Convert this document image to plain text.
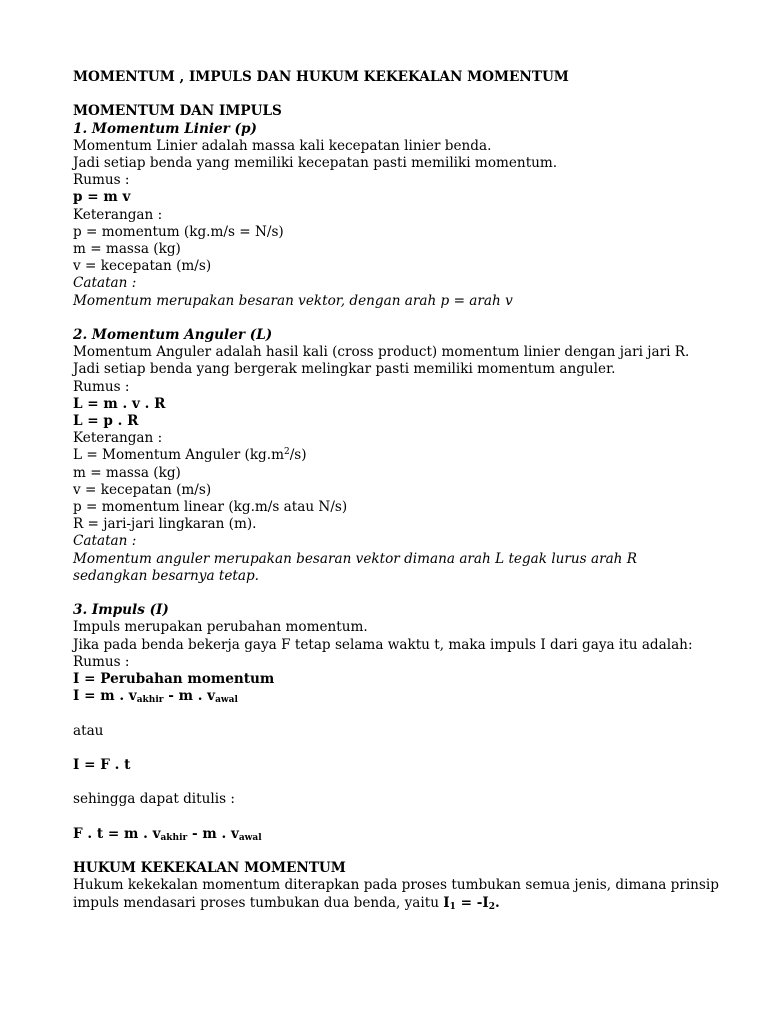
MOMENTUM , IMPULS DAN HUKUM KEKEKALAN MOMENTUM
MOMENTUM DAN IMPULS
1. Momentum Linier (p)
Momentum Linier adalah massa kali kecepatan linier benda.
Jadi setiap benda yang memiliki kecepatan pasti memiliki momentum.
Rumus :
p = m v
Keterangan :
p = momentum (kg.m/s = N/s)
m = massa (kg)
v = kecepatan (m/s)
Catatan :
Momentum merupakan besaran vektor, dengan arah p = arah v
2. Momentum Anguler (L)
Momentum Anguler adalah hasil kali (cross product) momentum linier dengan jari jari R.
Jadi setiap benda yang bergerak melingkar pasti memiliki momentum anguler.
Rumus :
L = m . v . R
L = p . R
Keterangan :
L = Momentum Anguler $(kg.m^2/s)$
m = massa (kg)
v = kecepatan (m/s)
p = momentum linear (kg.m/s atau N/s)
R = jari-jari lingkaran (m).
Catatan :
Momentum anguler merupakan besaran vektor dimana arah L tegak lurus arah R sedangkan besarnya tetap.
3. Impuls (I)
Impuls merupakan perubahan momentum.
Jika pada benda bekerja gaya F tetap selama waktu t, maka impuls I dari gaya itu adalah:
Rumus :
I = Perubahan momentum
I = m . $v_{akhir}$ - m . $v_{awal}$
atau
I = F . t
sehingga dapat ditulis :
F . t = m . $v_{akhir}$ - m . $v_{awal}$
HUKUM KEKEKALAN MOMENTUM
Hukum kekekalan momentum diterapkan pada proses tumbukan semua jenis, dimana prinsip
impuls mendasari proses tumbukan dua benda, yaitu $I_1 = -I_2$.
